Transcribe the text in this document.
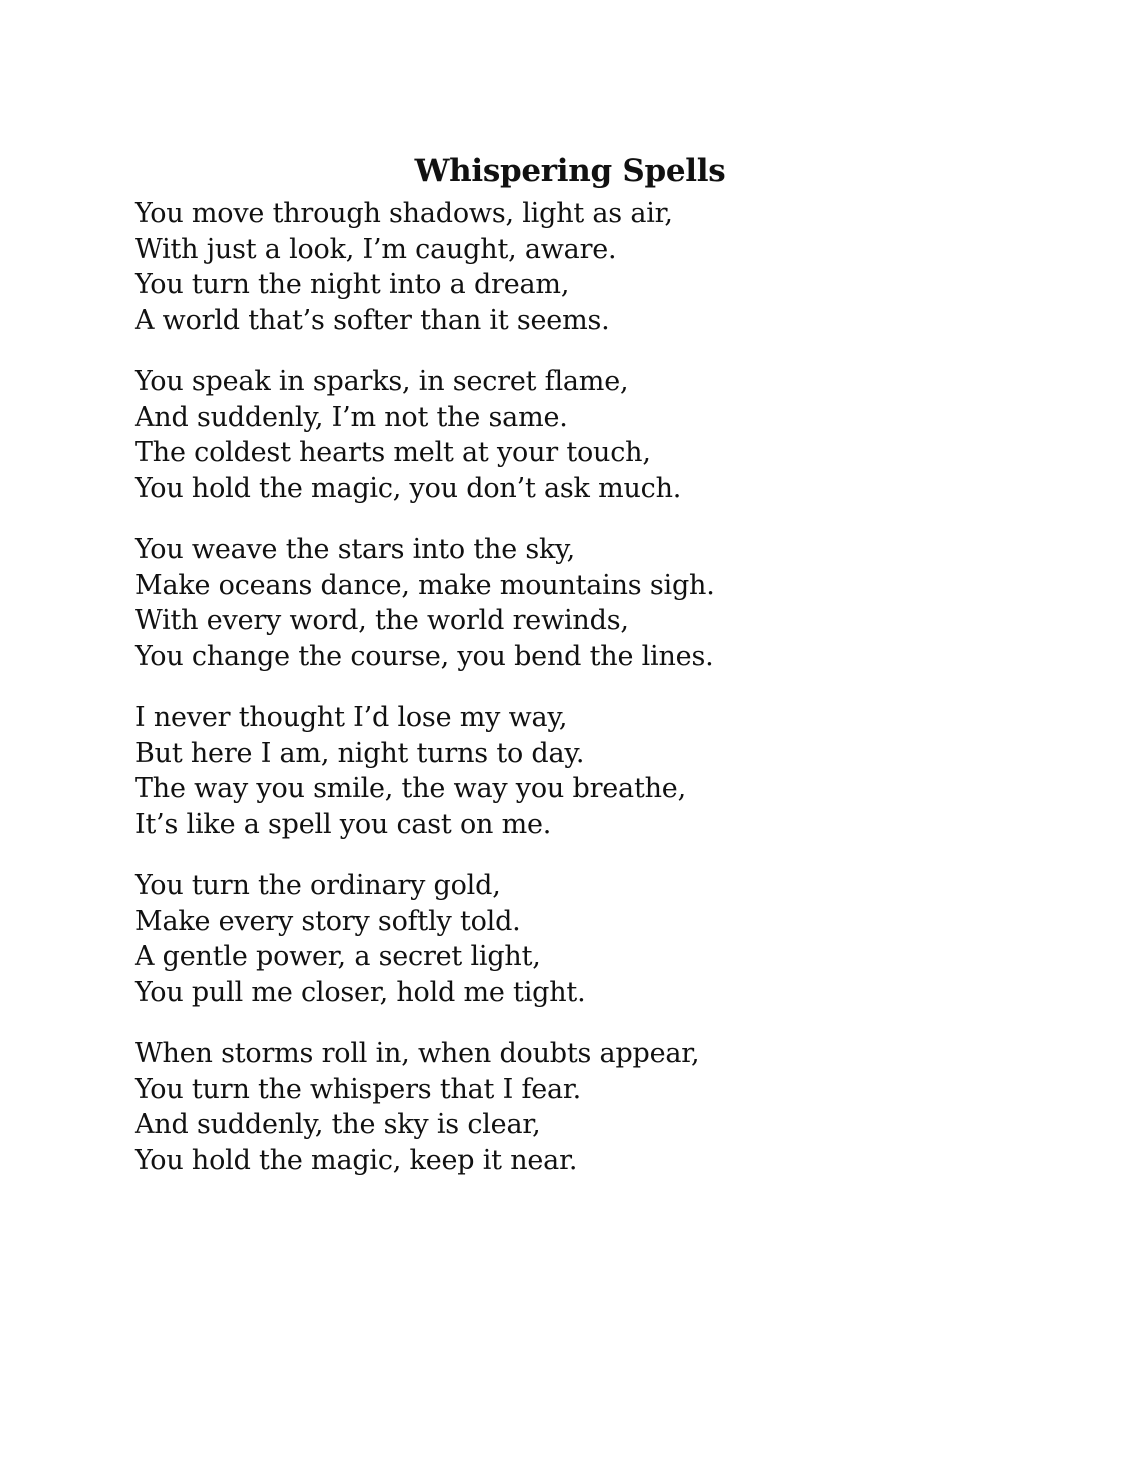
Whispering Spells
You move through shadows, light as air,
With just a look, I’m caught, aware.
You turn the night into a dream,
A world that’s softer than it seems.
You speak in sparks, in secret flame,
And suddenly, I’m not the same.
The coldest hearts melt at your touch,
You hold the magic, you don’t ask much.
You weave the stars into the sky,
Make oceans dance, make mountains sigh.
With every word, the world rewinds,
You change the course, you bend the lines.
I never thought I’d lose my way,
But here I am, night turns to day.
The way you smile, the way you breathe,
It’s like a spell you cast on me.
You turn the ordinary gold,
Make every story softly told.
A gentle power, a secret light,
You pull me closer, hold me tight.
When storms roll in, when doubts appear,
You turn the whispers that I fear.
And suddenly, the sky is clear,
You hold the magic, keep it near.
